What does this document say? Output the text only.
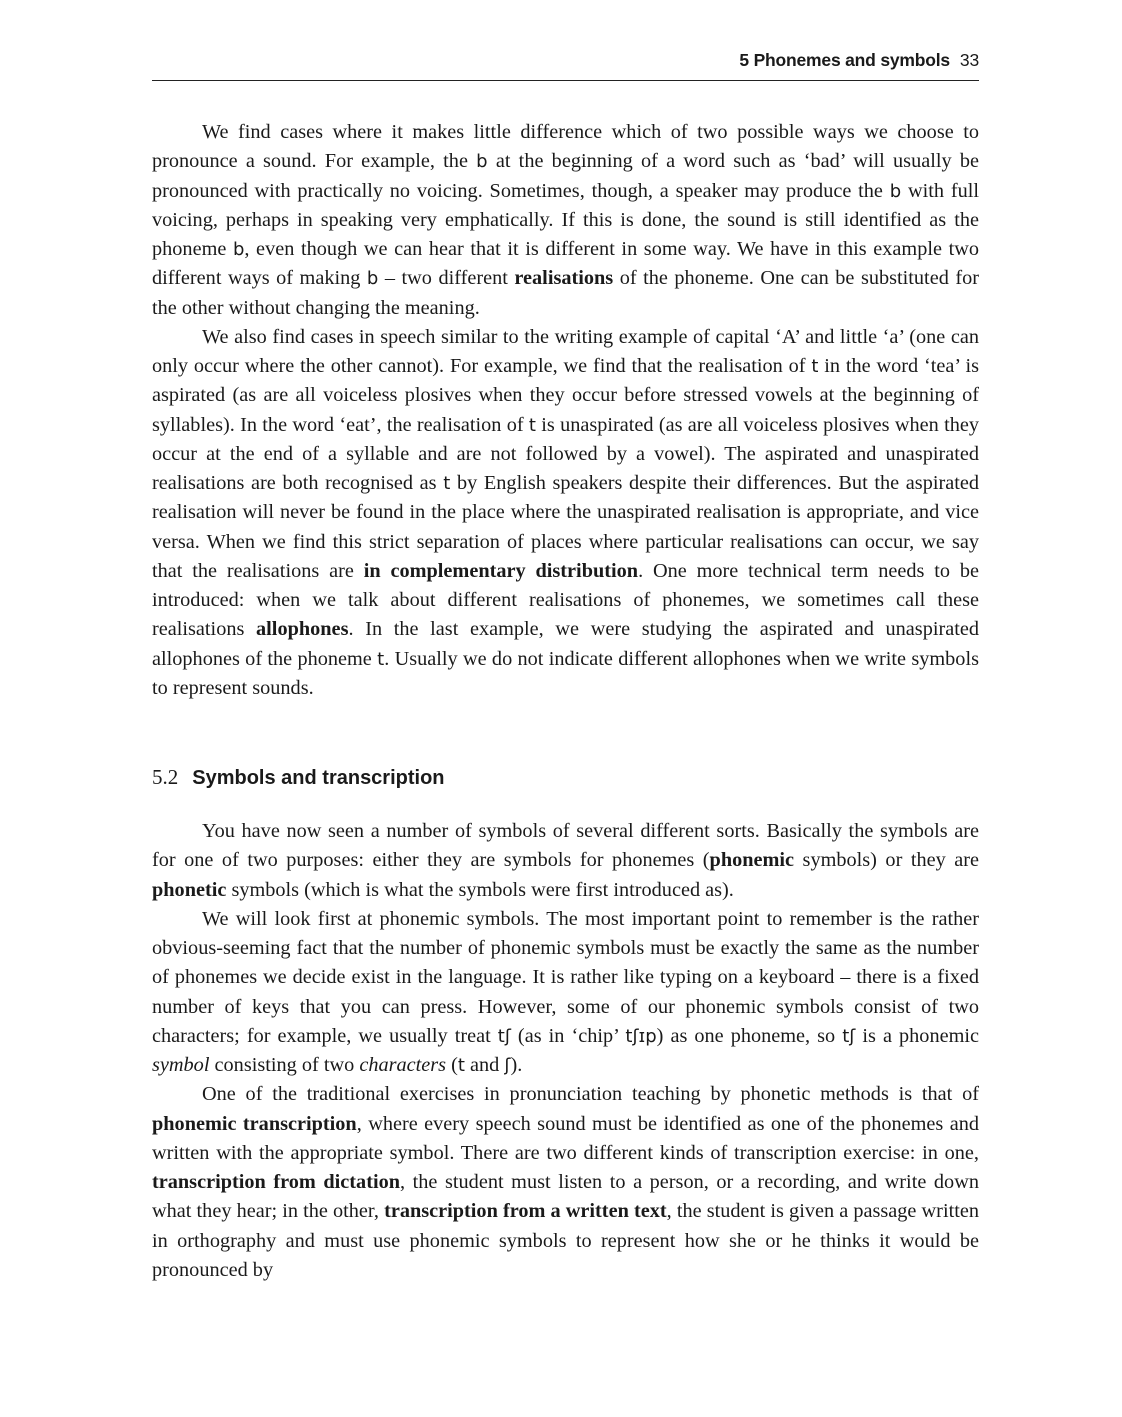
5 Phonemes and symbols 33

We find cases where it makes little difference which of two possible ways we choose to pronounce a sound. For example, the b at the beginning of a word such as ‘bad’ will usually be pronounced with practically no voicing. Sometimes, though, a speaker may produce the b with full voicing, perhaps in speaking very emphatically. If this is done, the sound is still identified as the phoneme b, even though we can hear that it is different in some way. We have in this example two different ways of making b – two different realisations of the phoneme. One can be substituted for the other without changing the meaning.

We also find cases in speech similar to the writing example of capital ‘A’ and little ‘a’ (one can only occur where the other cannot). For example, we find that the realisation of t in the word ‘tea’ is aspirated (as are all voiceless plosives when they occur before stressed vowels at the beginning of syllables). In the word ‘eat’, the realisation of t is unaspirated (as are all voiceless plosives when they occur at the end of a syllable and are not followed by a vowel). The aspirated and unaspirated realisations are both recognised as t by English speakers despite their differences. But the aspirated realisation will never be found in the place where the unaspirated realisation is appropriate, and vice versa. When we find this strict separation of places where particular realisations can occur, we say that the realisations are in complementary distribution. One more technical term needs to be introduced: when we talk about different realisations of phonemes, we sometimes call these realisations allophones. In the last example, we were studying the aspirated and unaspirated allophones of the phoneme t. Usually we do not indicate different allophones when we write symbols to represent sounds.

5.2 Symbols and transcription

You have now seen a number of symbols of several different sorts. Basically the symbols are for one of two purposes: either they are symbols for phonemes (phonemic symbols) or they are phonetic symbols (which is what the symbols were first introduced as).

We will look first at phonemic symbols. The most important point to remember is the rather obvious-seeming fact that the number of phonemic symbols must be exactly the same as the number of phonemes we decide exist in the language. It is rather like typing on a keyboard – there is a fixed number of keys that you can press. However, some of our phonemic symbols consist of two characters; for example, we usually treat tʃ (as in ‘chip’ tʃɪp) as one phoneme, so tʃ is a phonemic symbol consisting of two characters (t and ʃ).

One of the traditional exercises in pronunciation teaching by phonetic methods is that of phonemic transcription, where every speech sound must be identified as one of the phonemes and written with the appropriate symbol. There are two different kinds of transcription exercise: in one, transcription from dictation, the student must listen to a person, or a recording, and write down what they hear; in the other, transcription from a written text, the student is given a passage written in orthography and must use phonemic symbols to represent how she or he thinks it would be pronounced by
